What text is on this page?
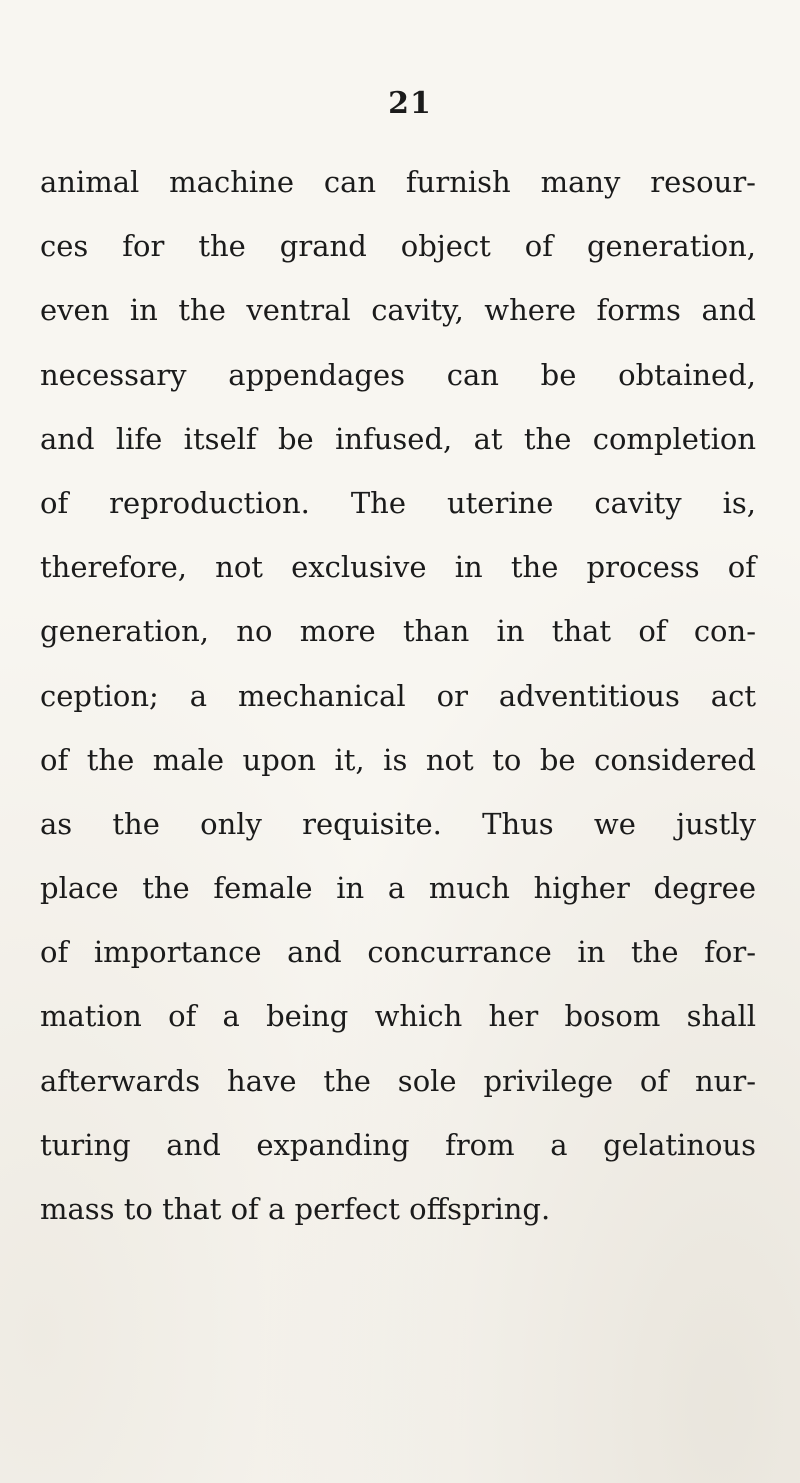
21
animal machine can furnish many resour-
ces for the grand object of generation,
even in the ventral cavity, where forms and
necessary appendages can be obtained,
and life itself be infused, at the completion
of reproduction. The uterine cavity is,
therefore, not exclusive in the process of
generation, no more than in that of con-
ception; a mechanical or adventitious act
of the male upon it, is not to be considered
as the only requisite. Thus we justly
place the female in a much higher degree
of importance and concurrance in the for-
mation of a being which her bosom shall
afterwards have the sole privilege of nur-
turing and expanding from a gelatinous
mass to that of a perfect offspring.
